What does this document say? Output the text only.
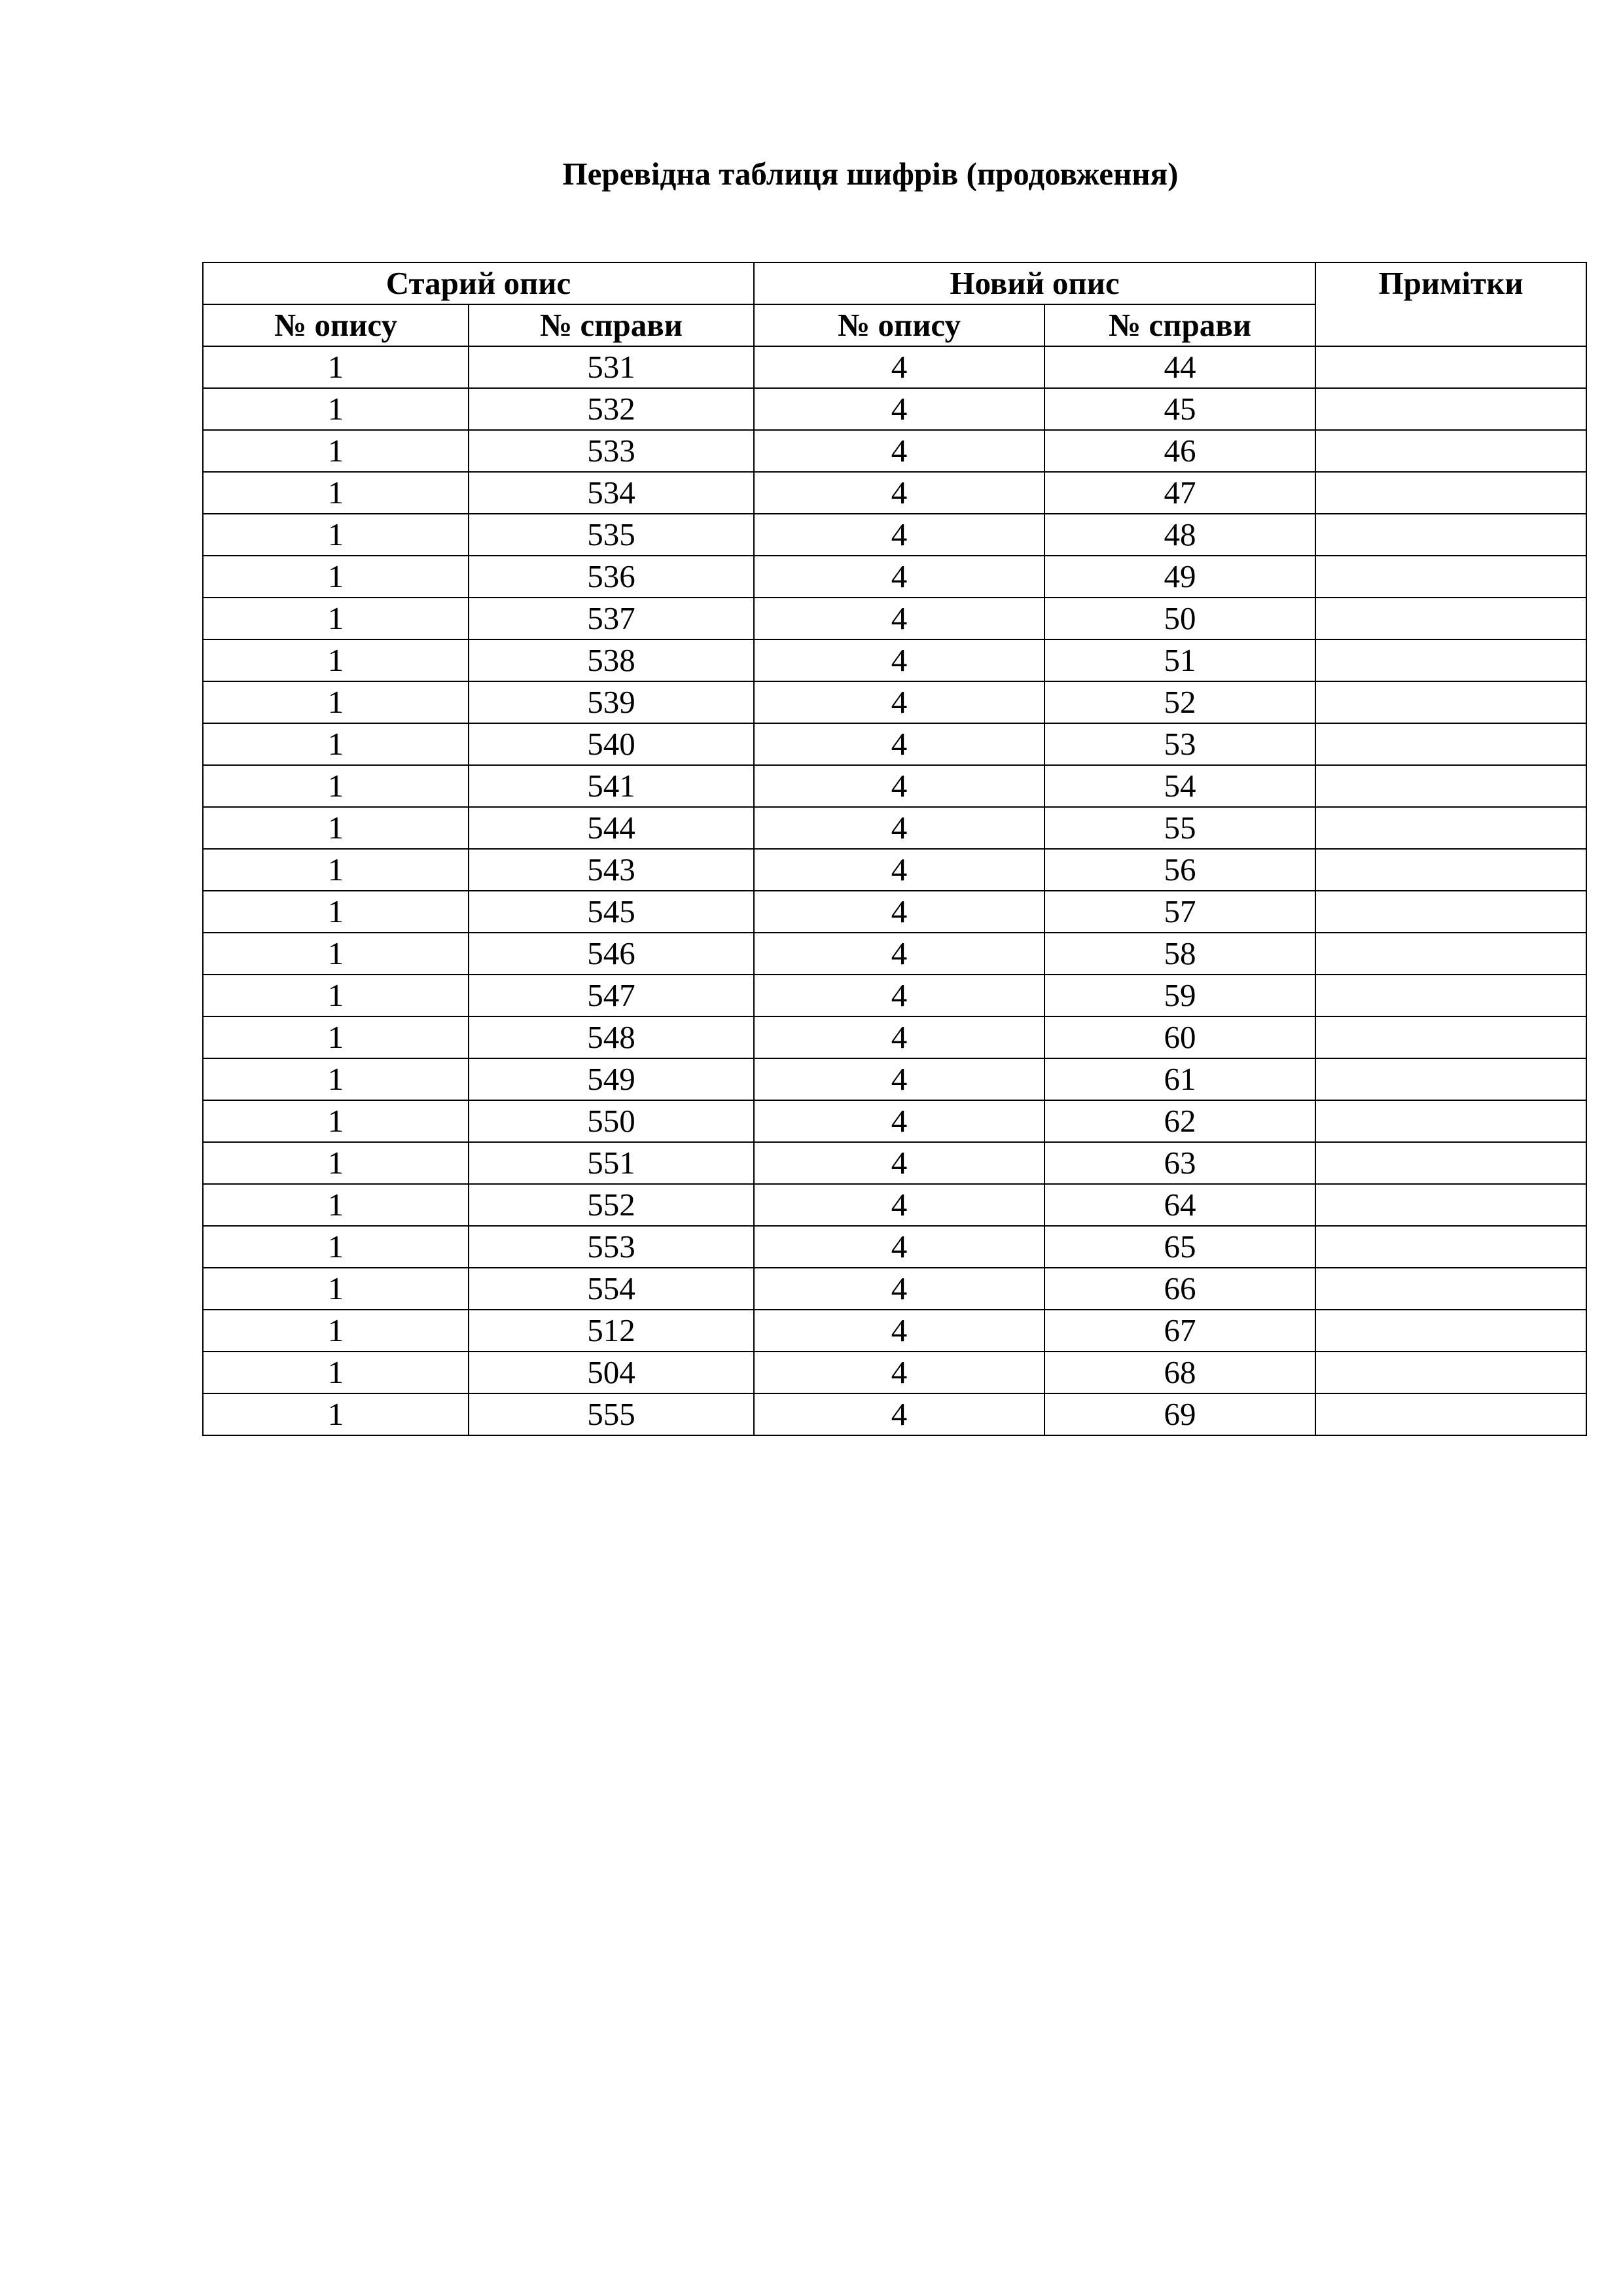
Перевідна таблиця шифрів (продовження)
Старий опис		Новий опис		Примітки
№ опису	№ справи	№ опису	№ справи	
1	531	4	44	
1	532	4	45	
1	533	4	46	
1	534	4	47	
1	535	4	48	
1	536	4	49	
1	537	4	50	
1	538	4	51	
1	539	4	52	
1	540	4	53	
1	541	4	54	
1	544	4	55	
1	543	4	56	
1	545	4	57	
1	546	4	58	
1	547	4	59	
1	548	4	60	
1	549	4	61	
1	550	4	62	
1	551	4	63	
1	552	4	64	
1	553	4	65	
1	554	4	66	
1	512	4	67	
1	504	4	68	
1	555	4	69	
